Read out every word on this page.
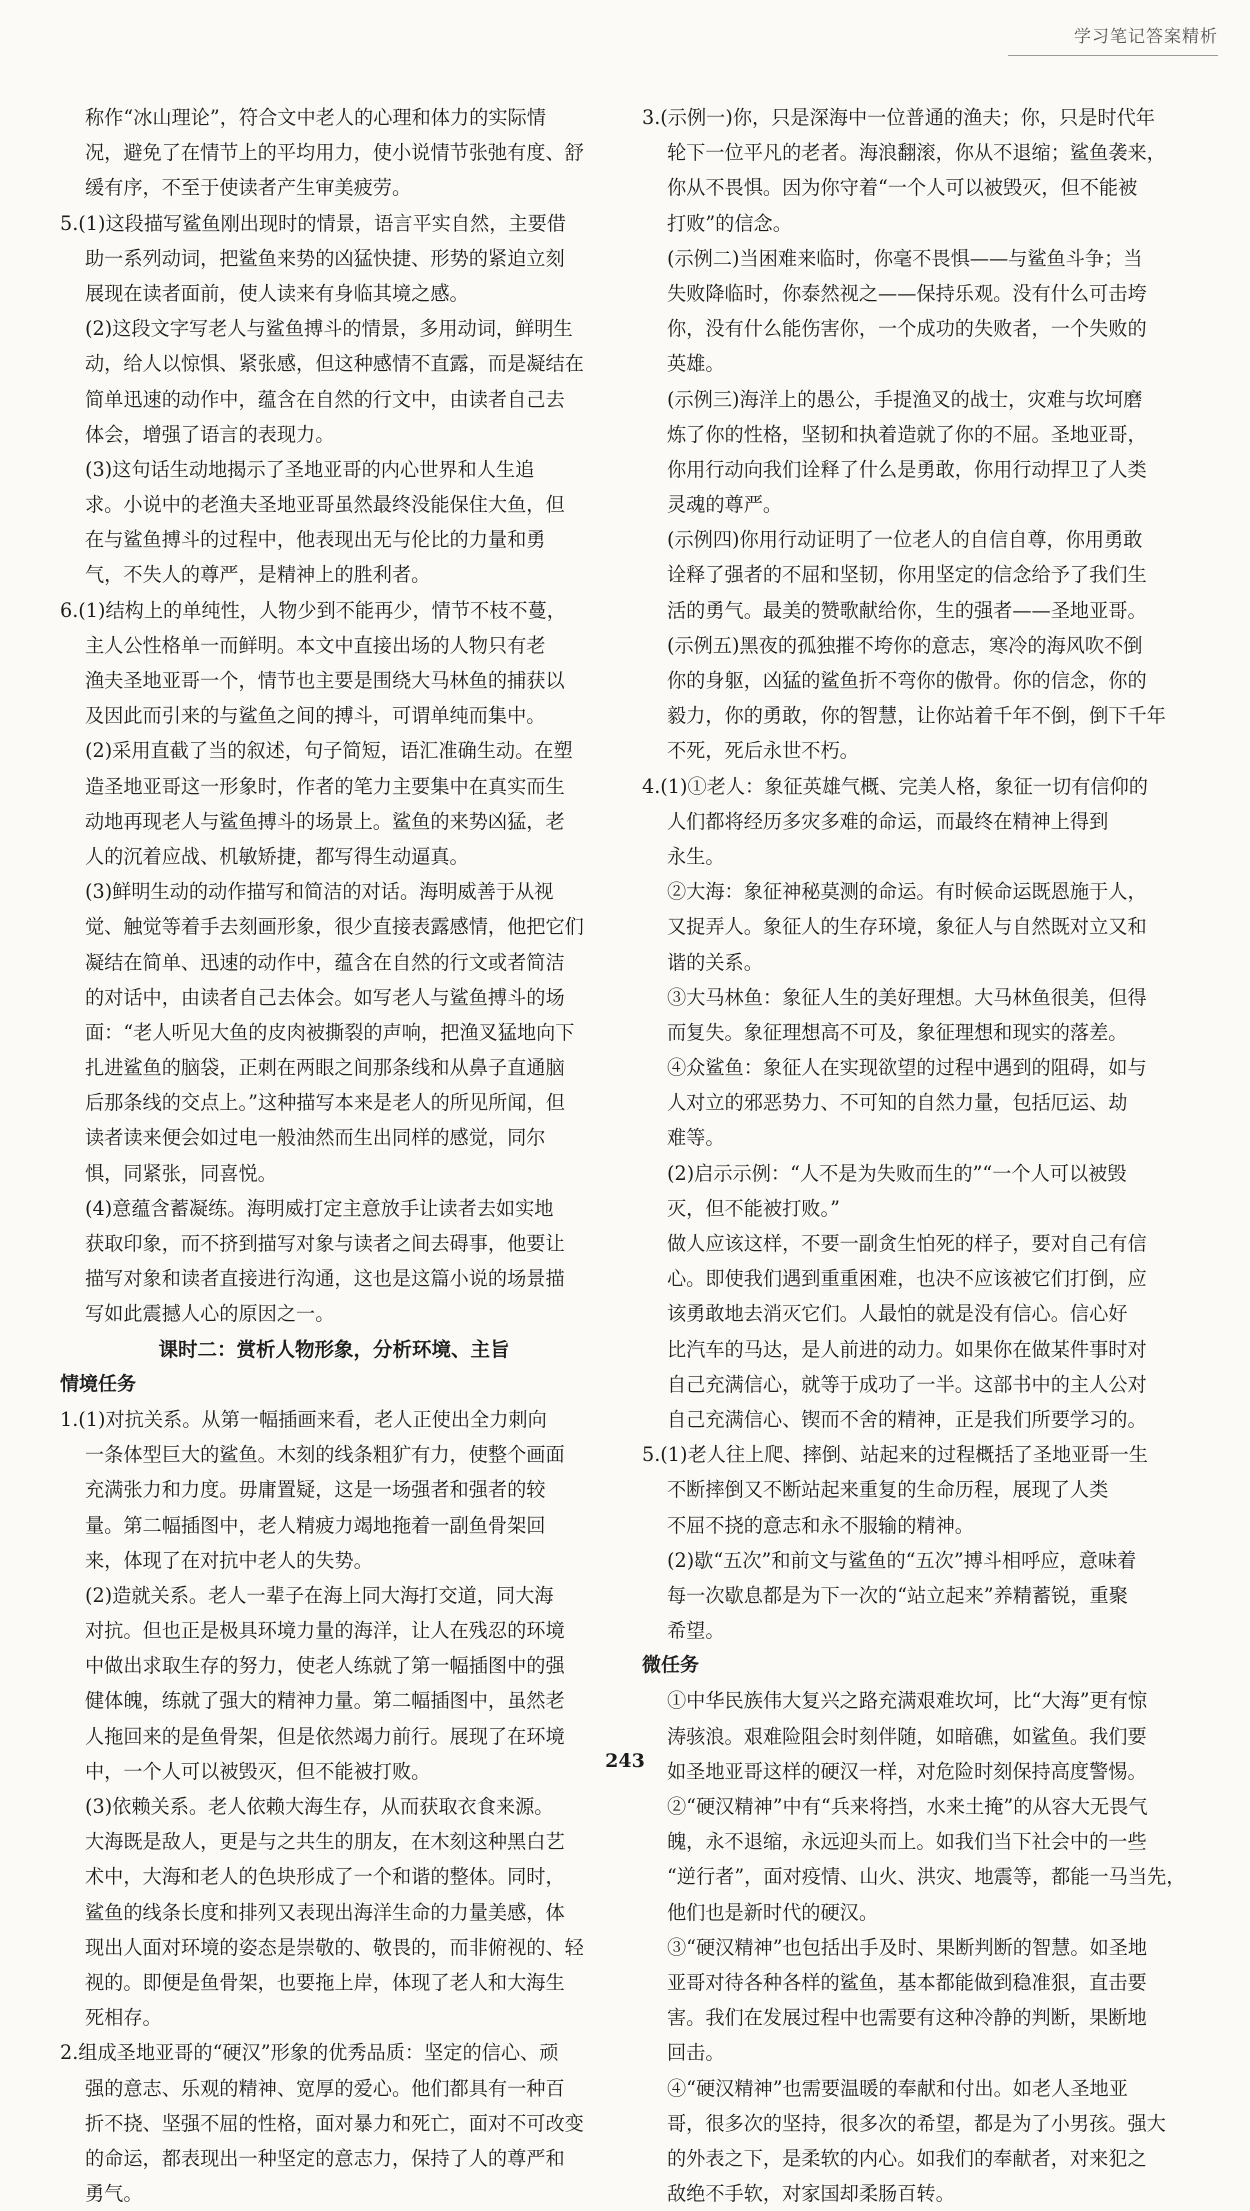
学习笔记答案精析
称作“冰山理论”，符合文中老人的心理和体力的实际情
况，避免了在情节上的平均用力，使小说情节张弛有度、舒
缓有序，不至于使读者产生审美疲劳。
5.(1)这段描写鲨鱼刚出现时的情景，语言平实自然，主要借
助一系列动词，把鲨鱼来势的凶猛快捷、形势的紧迫立刻
展现在读者面前，使人读来有身临其境之感。
(2)这段文字写老人与鲨鱼搏斗的情景，多用动词，鲜明生
动，给人以惊惧、紧张感，但这种感情不直露，而是凝结在
简单迅速的动作中，蕴含在自然的行文中，由读者自己去
体会，增强了语言的表现力。
(3)这句话生动地揭示了圣地亚哥的内心世界和人生追
求。小说中的老渔夫圣地亚哥虽然最终没能保住大鱼，但
在与鲨鱼搏斗的过程中，他表现出无与伦比的力量和勇
气，不失人的尊严，是精神上的胜利者。
6.(1)结构上的单纯性，人物少到不能再少，情节不枝不蔓，
主人公性格单一而鲜明。本文中直接出场的人物只有老
渔夫圣地亚哥一个，情节也主要是围绕大马林鱼的捕获以
及因此而引来的与鲨鱼之间的搏斗，可谓单纯而集中。
(2)采用直截了当的叙述，句子简短，语汇准确生动。在塑
造圣地亚哥这一形象时，作者的笔力主要集中在真实而生
动地再现老人与鲨鱼搏斗的场景上。鲨鱼的来势凶猛，老
人的沉着应战、机敏矫捷，都写得生动逼真。
(3)鲜明生动的动作描写和简洁的对话。海明威善于从视
觉、触觉等着手去刻画形象，很少直接表露感情，他把它们
凝结在简单、迅速的动作中，蕴含在自然的行文或者简洁
的对话中，由读者自己去体会。如写老人与鲨鱼搏斗的场
面：“老人听见大鱼的皮肉被撕裂的声响，把渔叉猛地向下
扎进鲨鱼的脑袋，正刺在两眼之间那条线和从鼻子直通脑
后那条线的交点上。”这种描写本来是老人的所见所闻，但
读者读来便会如过电一般油然而生出同样的感觉，同尔
惧，同紧张，同喜悦。
(4)意蕴含蓄凝练。海明威打定主意放手让读者去如实地
获取印象，而不挤到描写对象与读者之间去碍事，他要让
描写对象和读者直接进行沟通，这也是这篇小说的场景描
写如此震撼人心的原因之一。
课时二：赏析人物形象，分析环境、主旨
情境任务
1.(1)对抗关系。从第一幅插画来看，老人正使出全力刺向
一条体型巨大的鲨鱼。木刻的线条粗犷有力，使整个画面
充满张力和力度。毋庸置疑，这是一场强者和强者的较
量。第二幅插图中，老人精疲力竭地拖着一副鱼骨架回
来，体现了在对抗中老人的失势。
(2)造就关系。老人一辈子在海上同大海打交道，同大海
对抗。但也正是极具环境力量的海洋，让人在残忍的环境
中做出求取生存的努力，使老人练就了第一幅插图中的强
健体魄，练就了强大的精神力量。第二幅插图中，虽然老
人拖回来的是鱼骨架，但是依然竭力前行。展现了在环境
中，一个人可以被毁灭，但不能被打败。
(3)依赖关系。老人依赖大海生存，从而获取衣食来源。
大海既是敌人，更是与之共生的朋友，在木刻这种黑白艺
术中，大海和老人的色块形成了一个和谐的整体。同时，
鲨鱼的线条长度和排列又表现出海洋生命的力量美感，体
现出人面对环境的姿态是崇敬的、敬畏的，而非俯视的、轻
视的。即便是鱼骨架，也要拖上岸，体现了老人和大海生
死相存。
2.组成圣地亚哥的“硬汉”形象的优秀品质：坚定的信心、顽
强的意志、乐观的精神、宽厚的爱心。他们都具有一种百
折不挠、坚强不屈的性格，面对暴力和死亡，面对不可改变
的命运，都表现出一种坚定的意志力，保持了人的尊严和
勇气。
3.(示例一)你，只是深海中一位普通的渔夫；你，只是时代年
轮下一位平凡的老者。海浪翻滚，你从不退缩；鲨鱼袭来，
你从不畏惧。因为你守着“一个人可以被毁灭，但不能被
打败”的信念。
(示例二)当困难来临时，你毫不畏惧——与鲨鱼斗争；当
失败降临时，你泰然视之——保持乐观。没有什么可击垮
你，没有什么能伤害你，一个成功的失败者，一个失败的
英雄。
(示例三)海洋上的愚公，手提渔叉的战士，灾难与坎坷磨
炼了你的性格，坚韧和执着造就了你的不屈。圣地亚哥，
你用行动向我们诠释了什么是勇敢，你用行动捍卫了人类
灵魂的尊严。
(示例四)你用行动证明了一位老人的自信自尊，你用勇敢
诠释了强者的不屈和坚韧，你用坚定的信念给予了我们生
活的勇气。最美的赞歌献给你，生的强者——圣地亚哥。
(示例五)黑夜的孤独摧不垮你的意志，寒冷的海风吹不倒
你的身躯，凶猛的鲨鱼折不弯你的傲骨。你的信念，你的
毅力，你的勇敢，你的智慧，让你站着千年不倒，倒下千年
不死，死后永世不朽。
4.(1)①老人：象征英雄气概、完美人格，象征一切有信仰的
人们都将经历多灾多难的命运，而最终在精神上得到
永生。
②大海：象征神秘莫测的命运。有时候命运既恩施于人，
又捉弄人。象征人的生存环境，象征人与自然既对立又和
谐的关系。
③大马林鱼：象征人生的美好理想。大马林鱼很美，但得
而复失。象征理想高不可及，象征理想和现实的落差。
④众鲨鱼：象征人在实现欲望的过程中遇到的阻碍，如与
人对立的邪恶势力、不可知的自然力量，包括厄运、劫
难等。
(2)启示示例：“人不是为失败而生的”“一个人可以被毁
灭，但不能被打败。”
做人应该这样，不要一副贪生怕死的样子，要对自己有信
心。即使我们遇到重重困难，也决不应该被它们打倒，应
该勇敢地去消灭它们。人最怕的就是没有信心。信心好
比汽车的马达，是人前进的动力。如果你在做某件事时对
自己充满信心，就等于成功了一半。这部书中的主人公对
自己充满信心、锲而不舍的精神，正是我们所要学习的。
5.(1)老人往上爬、摔倒、站起来的过程概括了圣地亚哥一生
不断摔倒又不断站起来重复的生命历程，展现了人类
不屈不挠的意志和永不服输的精神。
(2)歇“五次”和前文与鲨鱼的“五次”搏斗相呼应，意味着
每一次歇息都是为下一次的“站立起来”养精蓄锐，重聚
希望。
微任务
①中华民族伟大复兴之路充满艰难坎坷，比“大海”更有惊
涛骇浪。艰难险阻会时刻伴随，如暗礁，如鲨鱼。我们要
如圣地亚哥这样的硬汉一样，对危险时刻保持高度警惕。
②“硬汉精神”中有“兵来将挡，水来土掩”的从容大无畏气
魄，永不退缩，永远迎头而上。如我们当下社会中的一些
“逆行者”，面对疫情、山火、洪灾、地震等，都能一马当先，
他们也是新时代的硬汉。
③“硬汉精神”也包括出手及时、果断判断的智慧。如圣地
亚哥对待各种各样的鲨鱼，基本都能做到稳准狠，直击要
害。我们在发展过程中也需要有这种冷静的判断，果断地
回击。
④“硬汉精神”也需要温暖的奉献和付出。如老人圣地亚
哥，很多次的坚持，很多次的希望，都是为了小男孩。强大
的外表之下，是柔软的内心。如我们的奉献者，对来犯之
敌绝不手软，对家国却柔肠百转。
243
